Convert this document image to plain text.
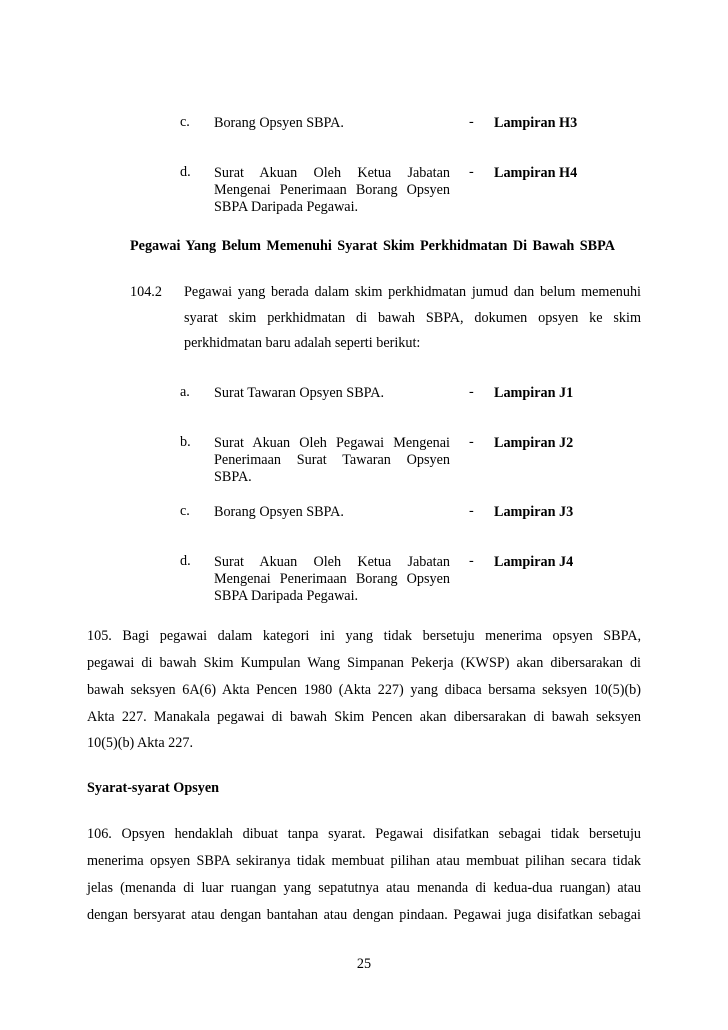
c. Borang Opsyen SBPA.	- Lampiran H3
d. Surat Akuan Oleh Ketua Jabatan
Mengenai Penerimaan Borang Opsyen
SBPA Daripada Pegawai.
- Lampiran H4
Pegawai Yang Belum Memenuhi Syarat Skim Perkhidmatan Di Bawah SBPA
104.2 Pegawai yang berada dalam skim perkhidmatan jumud dan belum memenuhi
syarat skim perkhidmatan di bawah SBPA, dokumen opsyen ke skim
perkhidmatan baru adalah seperti berikut:
a. Surat Tawaran Opsyen SBPA.	- Lampiran J1
b. Surat Akuan Oleh Pegawai Mengenai
Penerimaan Surat Tawaran Opsyen
SBPA.
- Lampiran J2
c. Borang Opsyen SBPA.	- Lampiran J3
d. Surat Akuan Oleh Ketua Jabatan
Mengenai Penerimaan Borang Opsyen
SBPA Daripada Pegawai.
- Lampiran J4
105. Bagi pegawai dalam kategori ini yang tidak bersetuju menerima opsyen SBPA,
pegawai di bawah Skim Kumpulan Wang Simpanan Pekerja (KWSP) akan dibersarakan di
bawah seksyen 6A(6) Akta Pencen 1980 (Akta 227) yang dibaca bersama seksyen 10(5)(b)
Akta 227. Manakala pegawai di bawah Skim Pencen akan dibersarakan di bawah seksyen
10(5)(b) Akta 227.
Syarat-syarat Opsyen
106. Opsyen hendaklah dibuat tanpa syarat. Pegawai disifatkan sebagai tidak bersetuju
menerima opsyen SBPA sekiranya tidak membuat pilihan atau membuat pilihan secara tidak
jelas (menanda di luar ruangan yang sepatutnya atau menanda di kedua-dua ruangan) atau
dengan bersyarat atau dengan bantahan atau dengan pindaan. Pegawai juga disifatkan sebagai
25
